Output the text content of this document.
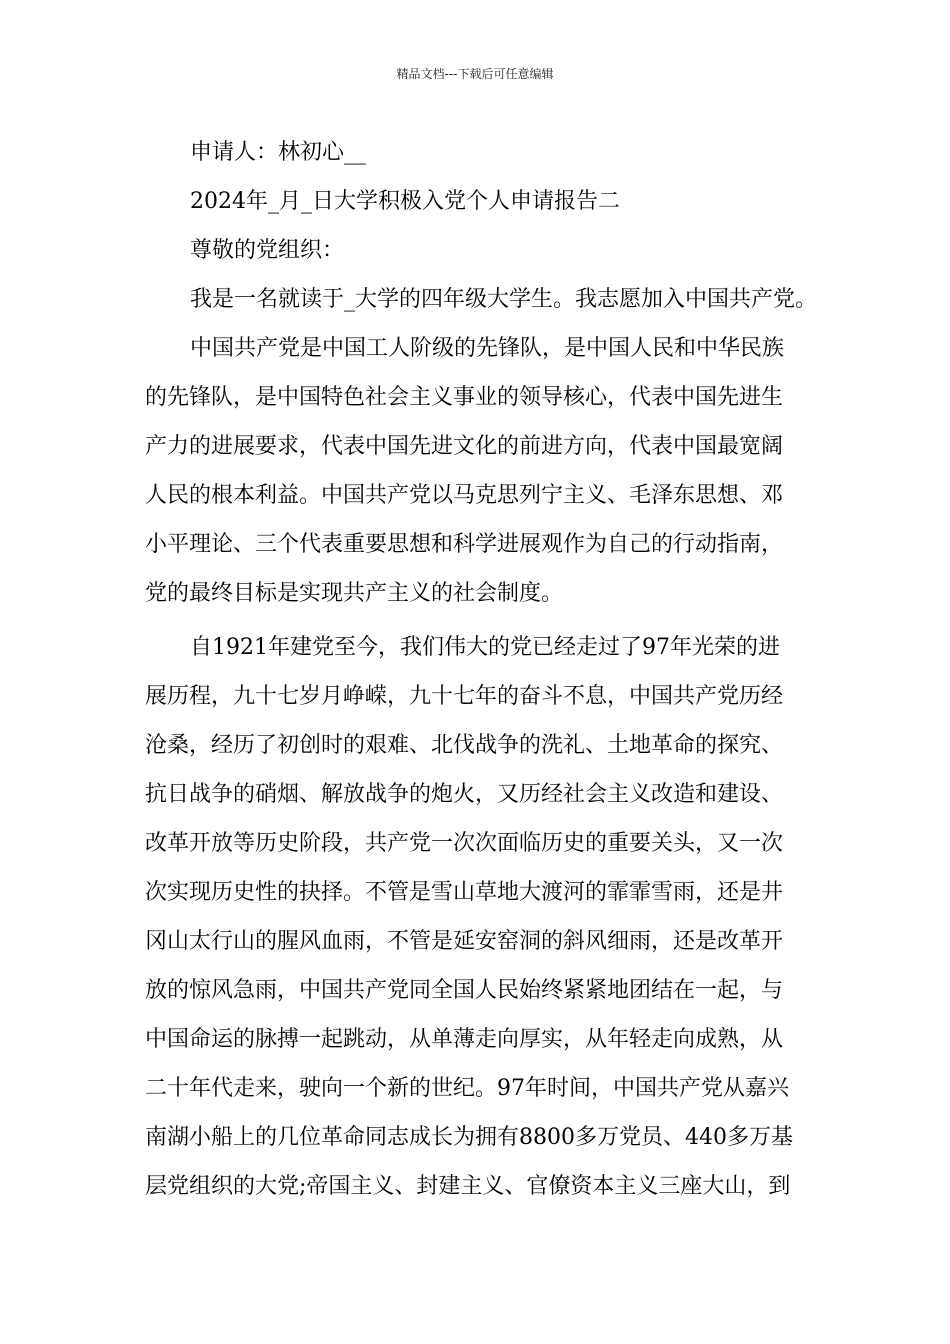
精品文档---下载后可任意编辑
申请人：林初心__
2024年_月_日大学积极入党个人申请报告二
尊敬的党组织：
我是一名就读于_大学的四年级大学生。我志愿加入中国共产党。
中国共产党是中国工人阶级的先锋队，是中国人民和中华民族
的先锋队，是中国特色社会主义事业的领导核心，代表中国先进生
产力的进展要求，代表中国先进文化的前进方向，代表中国最宽阔
人民的根本利益。中国共产党以马克思列宁主义、毛泽东思想、邓
小平理论、三个代表重要思想和科学进展观作为自己的行动指南，
党的最终目标是实现共产主义的社会制度。
自1921年建党至今，我们伟大的党已经走过了97年光荣的进
展历程，九十七岁月峥嵘，九十七年的奋斗不息，中国共产党历经
沧桑，经历了初创时的艰难、北伐战争的洗礼、土地革命的探究、
抗日战争的硝烟、解放战争的炮火，又历经社会主义改造和建设、
改革开放等历史阶段，共产党一次次面临历史的重要关头，又一次
次实现历史性的抉择。不管是雪山草地大渡河的霏霏雪雨，还是井
冈山太行山的腥风血雨，不管是延安窑洞的斜风细雨，还是改革开
放的惊风急雨，中国共产党同全国人民始终紧紧地团结在一起，与
中国命运的脉搏一起跳动，从单薄走向厚实，从年轻走向成熟，从
二十年代走来，驶向一个新的世纪。97年时间，中国共产党从嘉兴
南湖小船上的几位革命同志成长为拥有8800多万党员、440多万基
层党组织的大党;帝国主义、封建主义、官僚资本主义三座大山，到
